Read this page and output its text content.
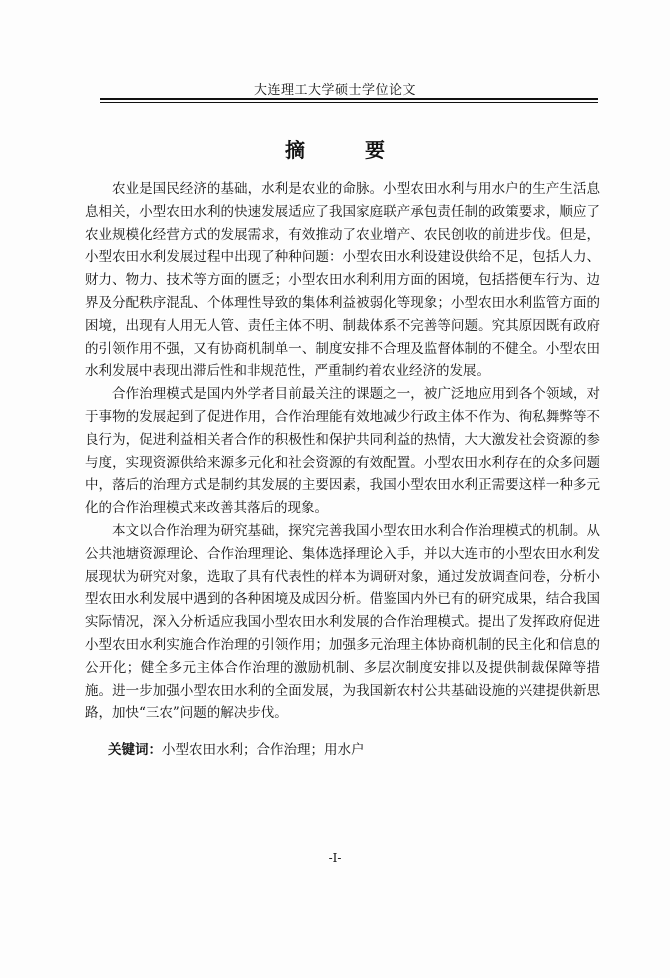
大连理工大学硕士学位论文
摘　要

农业是国民经济的基础，水利是农业的命脉。小型农田水利与用水户的生产生活息息相关，小型农田水利的快速发展适应了我国家庭联产承包责任制的政策要求，顺应了农业规模化经营方式的发展需求，有效推动了农业增产、农民创收的前进步伐。但是，小型农田水利发展过程中出现了种种问题：小型农田水利设建设供给不足，包括人力、财力、物力、技术等方面的匮乏；小型农田水利利用方面的困境，包括搭便车行为、边界及分配秩序混乱、个体理性导致的集体利益被弱化等现象；小型农田水利监管方面的困境，出现有人用无人管、责任主体不明、制裁体系不完善等问题。究其原因既有政府的引领作用不强，又有协商机制单一、制度安排不合理及监督体制的不健全。小型农田水利发展中表现出滞后性和非规范性，严重制约着农业经济的发展。

合作治理模式是国内外学者目前最关注的课题之一，被广泛地应用到各个领域，对于事物的发展起到了促进作用，合作治理能有效地减少行政主体不作为、徇私舞弊等不良行为，促进利益相关者合作的积极性和保护共同利益的热情，大大激发社会资源的参与度，实现资源供给来源多元化和社会资源的有效配置。小型农田水利存在的众多问题中，落后的治理方式是制约其发展的主要因素，我国小型农田水利正需要这样一种多元化的合作治理模式来改善其落后的现象。

本文以合作治理为研究基础，探究完善我国小型农田水利合作治理模式的机制。从公共池塘资源理论、合作治理理论、集体选择理论入手，并以大连市的小型农田水利发展现状为研究对象，选取了具有代表性的样本为调研对象，通过发放调查问卷，分析小型农田水利发展中遇到的各种困境及成因分析。借鉴国内外已有的研究成果，结合我国实际情况，深入分析适应我国小型农田水利发展的合作治理模式。提出了发挥政府促进小型农田水利实施合作治理的引领作用；加强多元治理主体协商机制的民主化和信息的公开化；健全多元主体合作治理的激励机制、多层次制度安排以及提供制裁保障等措施。进一步加强小型农田水利的全面发展，为我国新农村公共基础设施的兴建提供新思路，加快“三农”问题的解决步伐。

关键词：小型农田水利；合作治理；用水户
-I-
